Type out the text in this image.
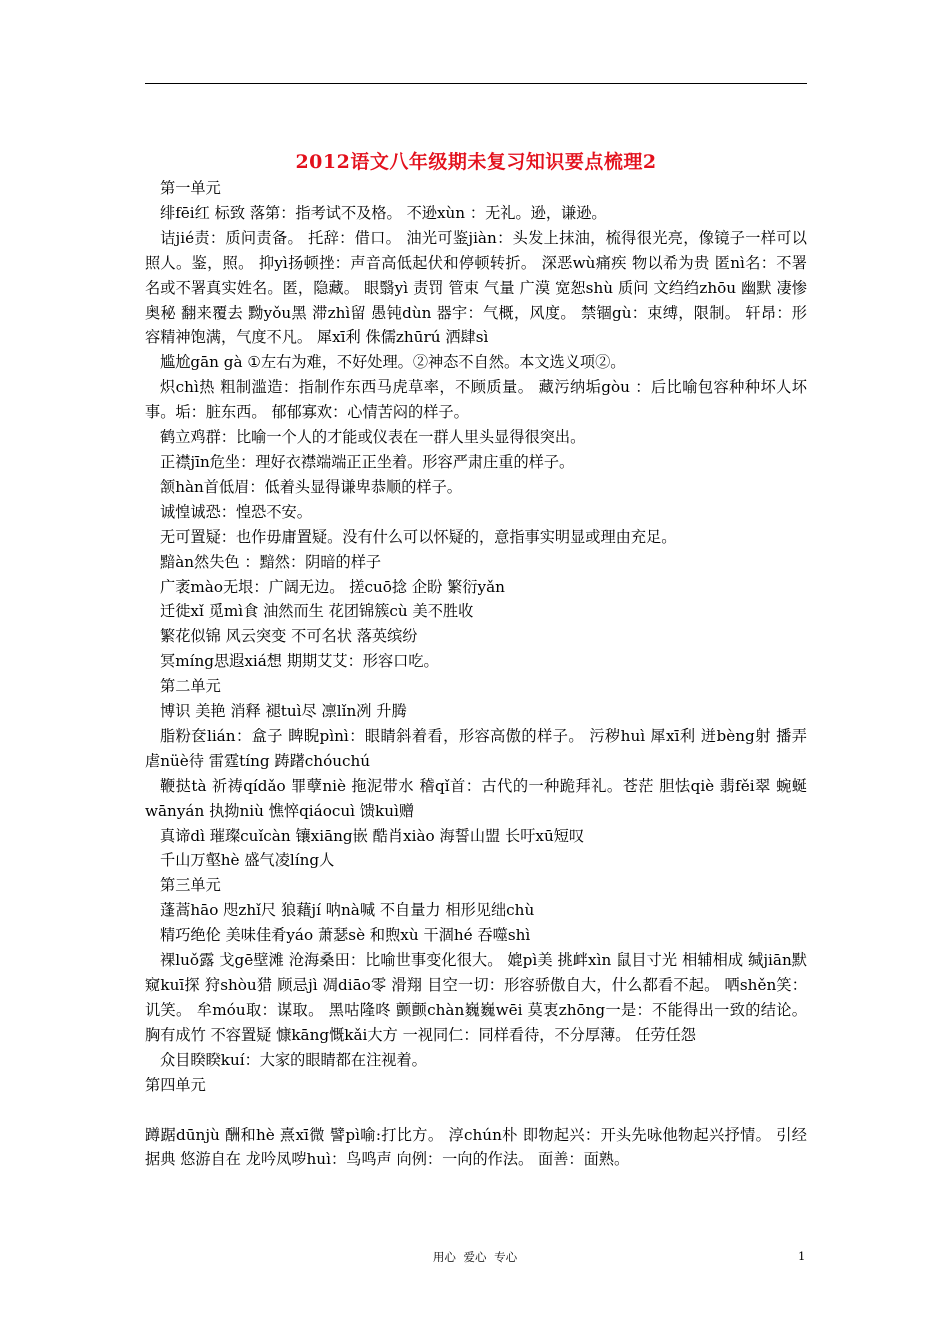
2012语文八年级期未复习知识要点梳理2

第一单元

绯fēi红 标致 落第：指考试不及格。 不逊xùn ：无礼。逊，谦逊。

诘jié责：质问责备。 托辞：借口。 油光可鉴jiàn：头发上抹油，梳得很光亮，像镜子一样可以照人。鉴，照。 抑yì扬顿挫：声音高低起伏和停顿转折。 深恶wù痛疾 物以希为贵 匿nì名：不署名或不署真实姓名。匿，隐藏。 眼翳yì 责罚 管束 气量 广漠 宽恕shù 质问 文绉绉zhōu 幽默 凄惨 奥秘 翻来覆去 黝yǒu黑 滞zhì留 愚钝dùn 器宇：气概，风度。 禁锢gù：束缚，限制。 轩昂：形容精神饱满，气度不凡。 犀xī利 侏儒zhūrú 洒肆sì

尴尬gān gà ①左右为难，不好处理。②神态不自然。本文选义项②。

炽chì热 粗制滥造：指制作东西马虎草率，不顾质量。 藏污纳垢gòu ：后比喻包容种种坏人坏事。垢：脏东西。 郁郁寡欢：心情苦闷的样子。

鹤立鸡群：比喻一个人的才能或仪表在一群人里头显得很突出。

正襟jīn危坐：理好衣襟端端正正坐着。形容严肃庄重的样子。

颔hàn首低眉：低着头显得谦卑恭顺的样子。

诚惶诚恐：惶恐不安。

无可置疑：也作毋庸置疑。没有什么可以怀疑的，意指事实明显或理由充足。

黯àn然失色 ：黯然：阴暗的样子

广袤mào无垠：广阔无边。 搓cuō捻 企盼 繁衍yǎn

迁徙xǐ 觅mì食 油然而生 花团锦簇cù 美不胜收

繁花似锦 风云突变 不可名状 落英缤纷

冥míng思遐xiá想 期期艾艾：形容口吃。

第二单元

博识 美艳 消释 褪tuì尽 凛lǐn冽 升腾

脂粉奁lián：盒子 睥睨pìnì：眼睛斜着看，形容高傲的样子。 污秽huì 犀xī利 迸bèng射 播弄 虐nüè待 雷霆tíng 踌躇chóuchú

鞭挞tà 祈祷qídǎo 罪孽niè 拖泥带水 稽qǐ首：古代的一种跪拜礼。苍茫 胆怯qiè 翡fěi翠 蜿蜒wānyán 执拗niù 憔悴qiáocuì 馈kuì赠

真谛dì 璀璨cuǐcàn 镶xiāng嵌 酷肖xiào 海誓山盟 长吁xū短叹

千山万壑hè 盛气凌líng人

第三单元

蓬蒿hāo 咫zhǐ尺 狼藉jí 呐nà喊 不自量力 相形见绌chù

精巧绝伦 美味佳肴yáo 萧瑟sè 和煦xù 干涸hé 吞噬shì

裸luǒ露 戈gē壁滩 沧海桑田：比喻世事变化很大。 媲pì美 挑衅xìn 鼠目寸光 相辅相成 缄jiān默 窥kuī探 狩shòu猎 顾忌jì 凋diāo零 滑翔 目空一切：形容骄傲自大，什么都看不起。 哂shěn笑：讥笑。 牟móu取：谋取。 黑咕隆咚 颤颤chàn巍巍wēi 莫衷zhōng一是：不能得出一致的结论。 胸有成竹 不容置疑 慷kāng慨kǎi大方 一视同仁：同样看待，不分厚薄。 任劳任怨

众目睽睽kuí：大家的眼睛都在注视着。

第四单元

蹲踞dūnjù 酬和hè 熹xī微 譬pì喻:打比方。 淳chún朴 即物起兴：开头先咏他物起兴抒情。 引经据典 悠游自在 龙吟凤哕huì：鸟鸣声 向例：一向的作法。 面善：面熟。

用心 爱心 专心	1
